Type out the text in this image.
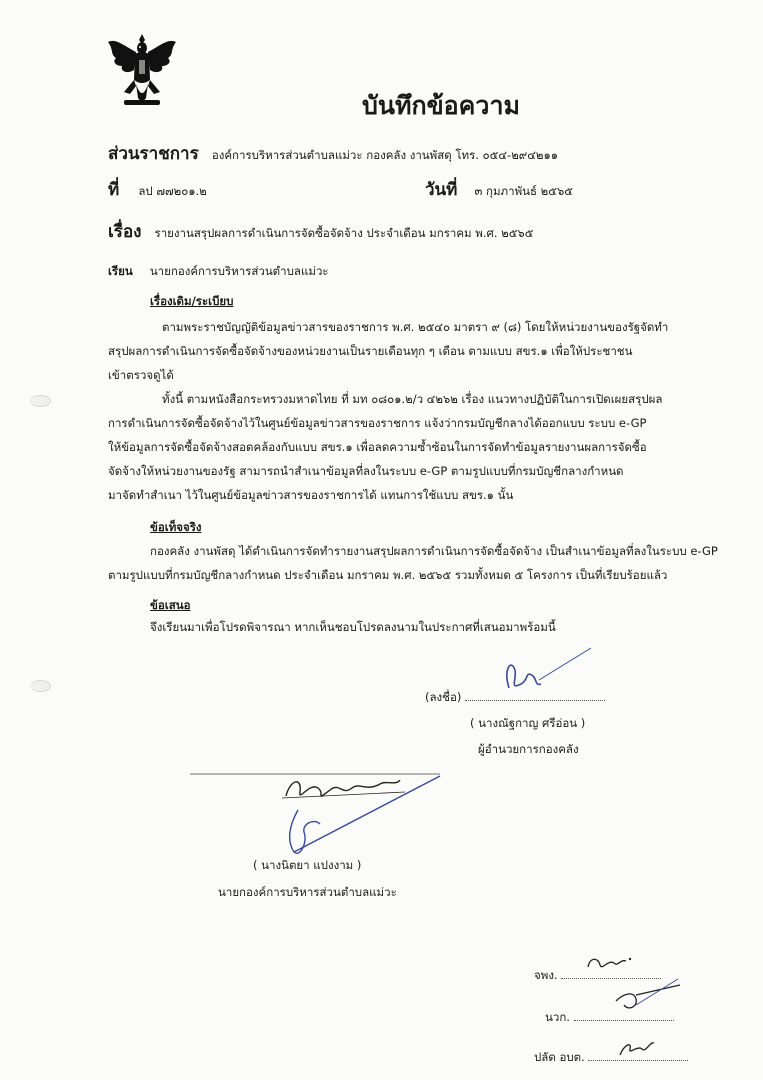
บันทึกข้อความ
ส่วนราชการ องค์การบริหารส่วนตำบลแม่วะ กองคลัง งานพัสดุ โทร. ๐๕๔-๒๙๔๒๑๑
ที่ ลป ๗๗๒๐๑.๒	วันที่ ๓ กุมภาพันธ์ ๒๕๖๕
เรื่อง รายงานสรุปผลการดำเนินการจัดซื้อจัดจ้าง ประจำเดือน มกราคม พ.ศ. ๒๕๖๕
เรียน นายกองค์การบริหารส่วนตำบลแม่วะ
เรื่องเดิม/ระเบียบ
ตามพระราชบัญญัติข้อมูลข่าวสารของราชการ พ.ศ. ๒๕๔๐ มาตรา ๙ (๘) โดยให้หน่วยงานของรัฐจัดทำ
สรุปผลการดำเนินการจัดซื้อจัดจ้างของหน่วยงานเป็นรายเดือนทุก ๆ เดือน ตามแบบ สขร.๑ เพื่อให้ประชาชน
เข้าตรวจดูได้
ทั้งนี้ ตามหนังสือกระทรวงมหาดไทย ที่ มท ๐๘๐๑.๒/ว ๔๒๖๒ เรื่อง แนวทางปฏิบัติในการเปิดเผยสรุปผล
การดำเนินการจัดซื้อจัดจ้างไว้ในศูนย์ข้อมูลข่าวสารของราชการ แจ้งว่ากรมบัญชีกลางได้ออกแบบ ระบบ e-GP
ให้ข้อมูลการจัดซื้อจัดจ้างสอดคล้องกับแบบ สขร.๑ เพื่อลดความซ้ำซ้อนในการจัดทำข้อมูลรายงานผลการจัดซื้อ
จัดจ้างให้หน่วยงานของรัฐ สามารถนำสำเนาข้อมูลที่ลงในระบบ e-GP ตามรูปแบบที่กรมบัญชีกลางกำหนด
มาจัดทำสำเนา ไว้ในศูนย์ข้อมูลข่าวสารของราชการได้ แทนการใช้แบบ สขร.๑ นั้น
ข้อเท็จจริง
กองคลัง งานพัสดุ ได้ดำเนินการจัดทำรายงานสรุปผลการดำเนินการจัดซื้อจัดจ้าง เป็นสำเนาข้อมูลที่ลงในระบบ e-GP
ตามรูปแบบที่กรมบัญชีกลางกำหนด ประจำเดือน มกราคม พ.ศ. ๒๕๖๕ รวมทั้งหมด ๕ โครงการ เป็นที่เรียบร้อยแล้ว
ข้อเสนอ
จึงเรียนมาเพื่อโปรดพิจารณา หากเห็นชอบโปรดลงนามในประกาศที่เสนอมาพร้อมนี้
(ลงชื่อ)
( นางณัฐกาญ ศรีอ่อน )
ผู้อำนวยการกองคลัง
( นางนิตยา แปงงาม )
นายกองค์การบริหารส่วนตำบลแม่วะ
จพง.
นวก.
ปลัด อบต.
